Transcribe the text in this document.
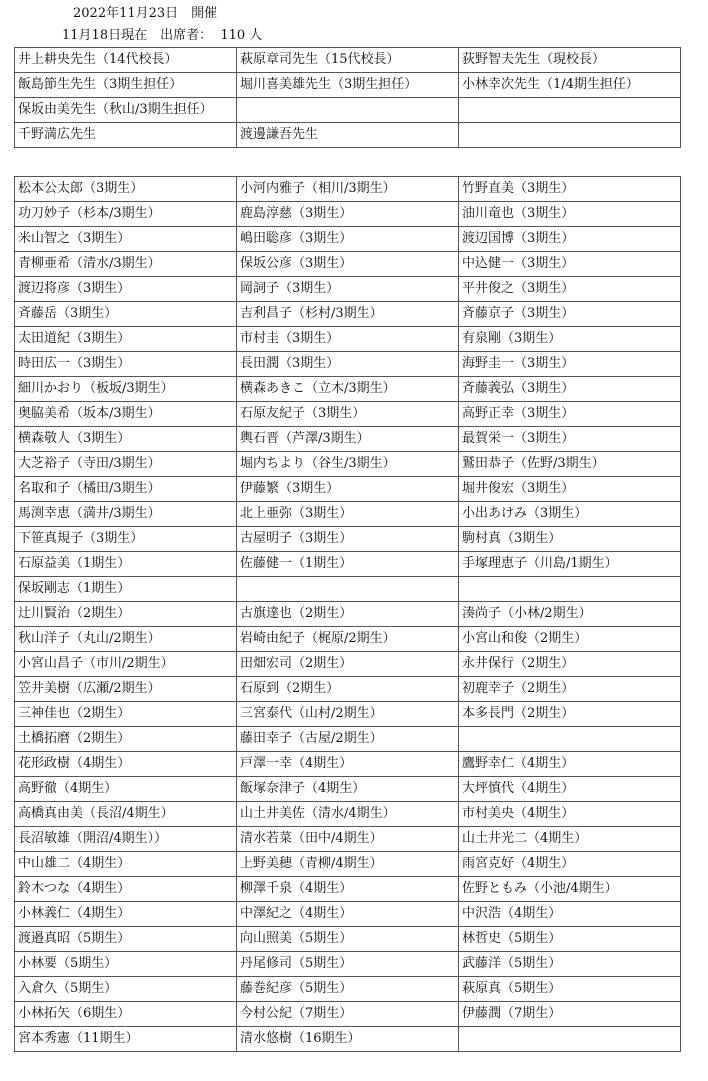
2022年11月23日　開催
11月18日現在　出席者：  110 人
井上耕央先生（14代校長）	萩原章司先生（15代校長）	荻野智夫先生（現校長）
飯島節生先生（3期生担任）	堀川喜美雄先生（3期生担任）	小林幸次先生（1/4期生担任）
保坂由美先生（秋山/3期生担任）		
千野満広先生	渡邊謙吾先生	
松本公太郎（3期生）	小河内雅子（相川/3期生）	竹野直美（3期生）
功刀妙子（杉本/3期生）	鹿島淳慈（3期生）	油川竜也（3期生）
米山智之（3期生）	嶋田聡彦（3期生）	渡辺国博（3期生）
青柳亜希（清水/3期生）	保坂公彦（3期生）	中込健一（3期生）
渡辺将彦（3期生）	岡詞子（3期生）	平井俊之（3期生）
斉藤岳（3期生）	吉利昌子（杉村/3期生）	斉藤京子（3期生）
太田道紀（3期生）	市村圭（3期生）	有泉剛（3期生）
時田広一（3期生）	長田潤（3期生）	海野圭一（3期生）
細川かおり（板坂/3期生）	横森あきこ（立木/3期生）	斉藤義弘（3期生）
奥脇美希（坂本/3期生）	石原友紀子（3期生）	高野正幸（3期生）
横森敬人（3期生）	輿石晋（芦澤/3期生）	最賀栄一（3期生）
大芝裕子（寺田/3期生）	堀内ちより（谷生/3期生）	鷲田恭子（佐野/3期生）
名取和子（橘田/3期生）	伊藤繁（3期生）	堀井俊宏（3期生）
馬渕幸恵（満井/3期生）	北上亜弥（3期生）	小出あけみ（3期生）
下笹真規子（3期生）	古屋明子（3期生）	駒村真（3期生）
石原益美（1期生）	佐藤健一（1期生）	手塚理恵子（川島/1期生）
保坂剛志（1期生）		
辻川賢治（2期生）	古旗達也（2期生）	湊尚子（小林/2期生）
秋山洋子（丸山/2期生）	岩崎由紀子（梶原/2期生）	小宮山和俊（2期生）
小宮山昌子（市川/2期生）	田畑宏司（2期生）	永井保行（2期生）
笠井美樹（広瀬/2期生）	石原到（2期生）	初鹿幸子（2期生）
三神佳也（2期生）	三宮泰代（山村/2期生）	本多長門（2期生）
土橋拓磨（2期生）	藤田幸子（古屋/2期生）	
花形政樹（4期生）	戸澤一幸（4期生）	鷹野幸仁（4期生）
高野徹（4期生）	飯塚奈津子（4期生）	大坪慎代（4期生）
高橋真由美（長沼/4期生）	山土井美佐（清水/4期生）	市村美央（4期生）
長沼敏雄（開沼/4期生））	清水若菜（田中/4期生）	山土井光二（4期生）
中山雄二（4期生）	上野美穂（青柳/4期生）	雨宮克好（4期生）
鈴木つな（4期生）	柳澤千泉（4期生）	佐野ともみ（小池/4期生）
小林義仁（4期生）	中澤紀之（4期生）	中沢浩（4期生）
渡邉真昭（5期生）	向山照美（5期生）	林哲史（5期生）
小林要（5期生）	丹尾修司（5期生）	武藤洋（5期生）
入倉久（5期生）	藤巻紀彦（5期生）	萩原真（5期生）
小林拓矢（6期生）	今村公紀（7期生）	伊藤潤（7期生）
宮本秀憲（11期生）	清水悠樹（16期生）	
